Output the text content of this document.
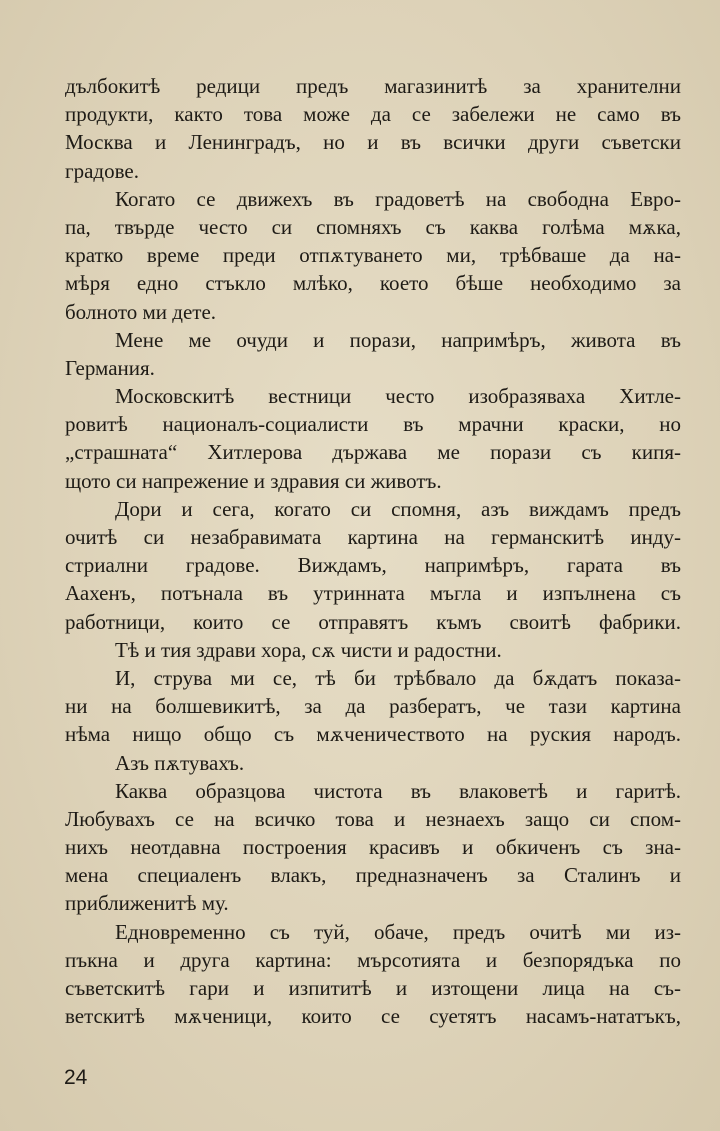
дълбокитѣ редици предъ магазинитѣ за хранителни
продукти, както това може да се забележи не само въ
Москва и Ленинградъ, но и въ всички други съветски
градове.
Когато се движехъ въ градоветѣ на свободна Евро-
па, твърде често си спомняхъ съ каква голѣма мѫка,
кратко време преди отпѫтуването ми, трѣбваше да на-
мѣря едно стъкло млѣко, което бѣше необходимо за
болното ми дете.
Мене ме очуди и порази, напримѣръ, живота въ
Германия.
Московскитѣ вестници често изобразяваха Хитле-
ровитѣ националъ-социалисти въ мрачни краски, но
„страшната“ Хитлерова държава ме порази съ кипя-
щото си напрежение и здравия си животъ.
Дори и сега, когато си спомня, азъ виждамъ предъ
очитѣ си незабравимата картина на германскитѣ инду-
стриални градове. Виждамъ, напримѣръ, гарата въ
Аахенъ, потънала въ утринната мъгла и изпълнена съ
работници, които се отправятъ къмъ своитѣ фабрики.
Тѣ и тия здрави хора, сѫ чисти и радостни.
И, струва ми се, тѣ би трѣбвало да бѫдатъ показа-
ни на болшевикитѣ, за да разбератъ, че тази картина
нѣма нищо общо съ мѫченичеството на руския народъ.
Азъ пѫтувахъ.
Каква образцова чистота въ влаковетѣ и гаритѣ.
Любувахъ се на всичко това и незнаехъ защо си спом-
нихъ неотдавна построения красивъ и обкиченъ съ зна-
мена специаленъ влакъ, предназначенъ за Сталинъ и
приближенитѣ му.
Едновременно съ туй, обаче, предъ очитѣ ми из-
пъкна и друга картина: мърсотията и безпорядъка по
съветскитѣ гари и изпититѣ и изтощени лица на съ-
ветскитѣ мѫченици, които се суетятъ насамъ-нататъкъ,
24
